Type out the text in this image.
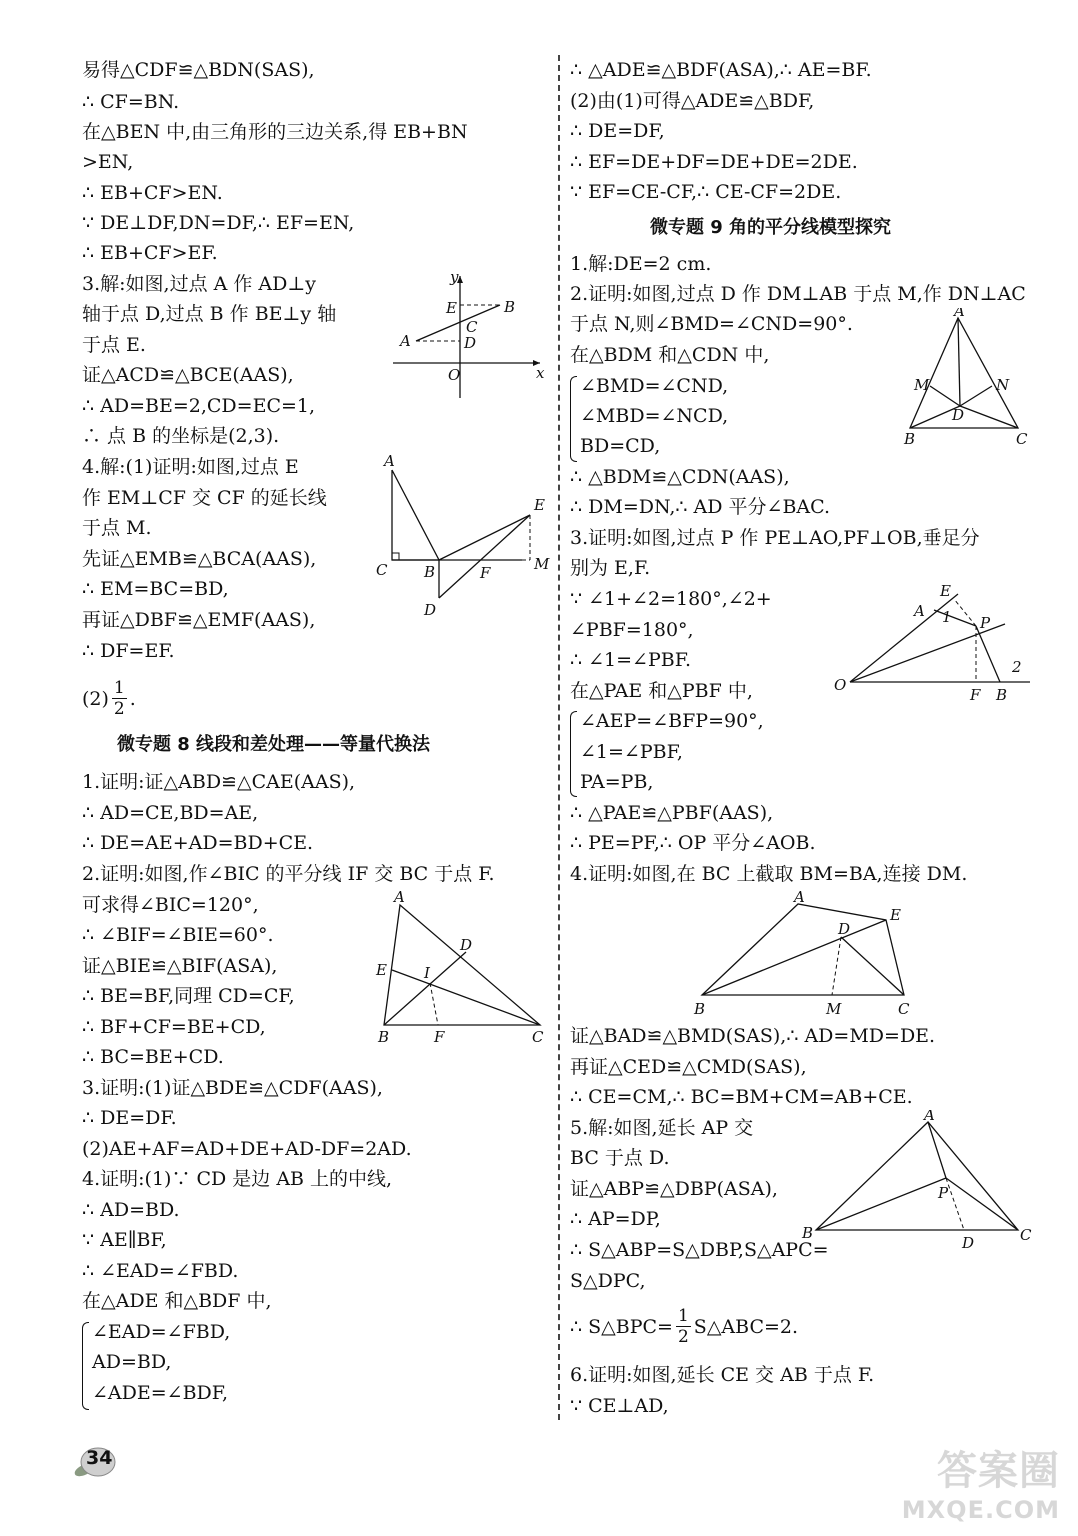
易得△CDF≌△BDN(SAS),
∴ CF=BN.
在△BEN 中,由三角形的三边关系,得 EB+BN
>EN,
∴ EB+CF>EN.
∵ DE⊥DF,DN=DF,∴ EF=EN,
∴ EB+CF>EF.
3.解:如图,过点 A 作 AD⊥y
轴于点 D,过点 B 作 BE⊥y 轴
于点 E.
证△ACD≌△BCE(AAS),
∴ AD=BE=2,CD=EC=1,
∴ 点 B 的坐标是(2,3).
4.解:(1)证明:如图,过点 E
作 EM⊥CF 交 CF 的延长线
于点 M.
先证△EMB≌△BCA(AAS),
∴ EM=BC=BD,
再证△DBF≌△EMF(AAS),
∴ DF=EF.
微专题 8 线段和差处理——等量代换法
1.证明:证△ABD≌△CAE(AAS),
∴ AD=CE,BD=AE,
∴ DE=AE+AD=BD+CE.
2.证明:如图,作∠BIC 的平分线 IF 交 BC 于点 F.
可求得∠BIC=120°,
∴ ∠BIF=∠BIE=60°.
证△BIE≌△BIF(ASA),
∴ BE=BF,同理 CD=CF,
∴ BF+CF=BE+CD,
∴ BC=BE+CD.
3.证明:(1)证△BDE≌△CDF(AAS),
∴ DE=DF.
(2)AE+AF=AD+DE+AD-DF=2AD.
4.证明:(1)∵ CD 是边 AB 上的中线,
∴ AD=BD.
∵ AE∥BF,
∴ ∠EAD=∠FBD.
在△ADE 和△BDF 中,
∠EAD=∠FBD,
AD=BD,
∠ADE=∠BDF,
$(2) \frac{1}{2}$ .
∴ △ADE≌△BDF(ASA),∴ AE=BF.
(2)由(1)可得△ADE≌△BDF,
∴ DE=DF,
∴ EF=DE+DF=DE+DE=2DE.
∵ EF=CE-CF,∴ CE-CF=2DE.
微专题 9 角的平分线模型探究
1.解:DE=2 cm.
2.证明:如图,过点 D 作 DM⊥AB 于点 M,作 DN⊥AC
于点 N,则∠BMD=∠CND=90°.
在△BDM 和△CDN 中,
∠BMD=∠CND,
∠MBD=∠NCD,
BD=CD,
∴ △BDM≌△CDN(AAS),
∴ DM=DN,∴ AD 平分∠BAC.
3.证明:如图,过点 P 作 PE⊥AO,PF⊥OB,垂足分
别为 E,F.
∵ ∠1+∠2=180°,∠2+
∠PBF=180°,
∴ ∠1=∠PBF.
在△PAE 和△PBF 中,
∠AEP=∠BFP=90°,
∠1=∠PBF,
PA=PB,
∴ △PAE≌△PBF(AAS),
∴ PE=PF,∴ OP 平分∠AOB.
4.证明:如图,在 BC 上截取 BM=BA,连接 DM.
证△BAD≌△BMD(SAS),∴ AD=MD=DE.
再证△CED≌△CMD(SAS),
∴ CE=CM,∴ BC=BM+CM=AB+CE.
5.解:如图,延长 AP 交
BC 于点 D.
证△ABP≌△DBP(ASA),
∴ AP=DP,
∴ S△ABP=S△DBP,S△APC=
S△DPC,
6.证明:如图,延长 CE 交 AB 于点 F.
∵ CE⊥AD,
∴ S△BPC= $\frac{1}{2}$ S△ABC=2.
y
x
O
A
B
E
C
D
A
E
C B	F	M
D
A
E
D
I
B	F	C
A
M	N
D
B	C
O
A
E
1 P
F B
2
A
E
D
B	M	C
A
P
B
D	C
34	答案圈
MXQE.COM
